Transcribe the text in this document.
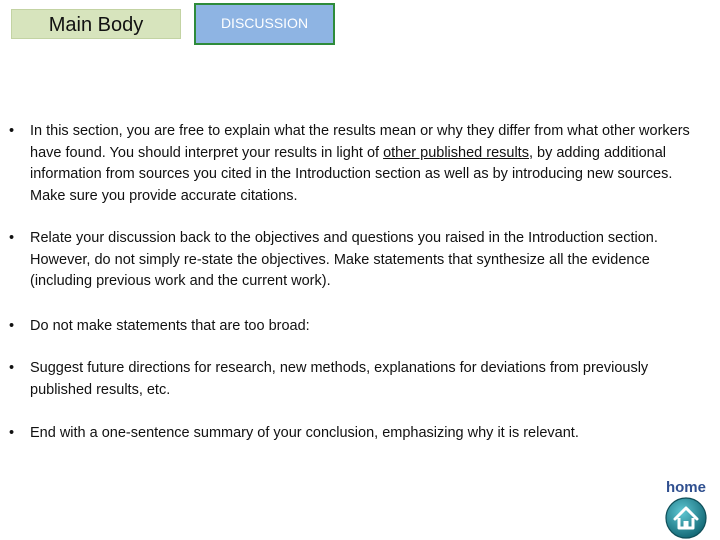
Main Body	DISCUSSION
•	In this section, you are free to explain what the results mean or why they differ from what other workers have found. You should interpret your results in light of other published results, by adding additional information from sources you cited in the Introduction section as well as by introducing new sources. Make sure you provide accurate citations.
•	Relate your discussion back to the objectives and questions you raised in the Introduction section. However, do not simply re-state the objectives. Make statements that synthesize all the evidence (including previous work and the current work).
•	Do not make statements that are too broad:
•	Suggest future directions for research, new methods, explanations for deviations from previously published results, etc.
•	End with a one-sentence summary of your conclusion, emphasizing why it is relevant.
home
